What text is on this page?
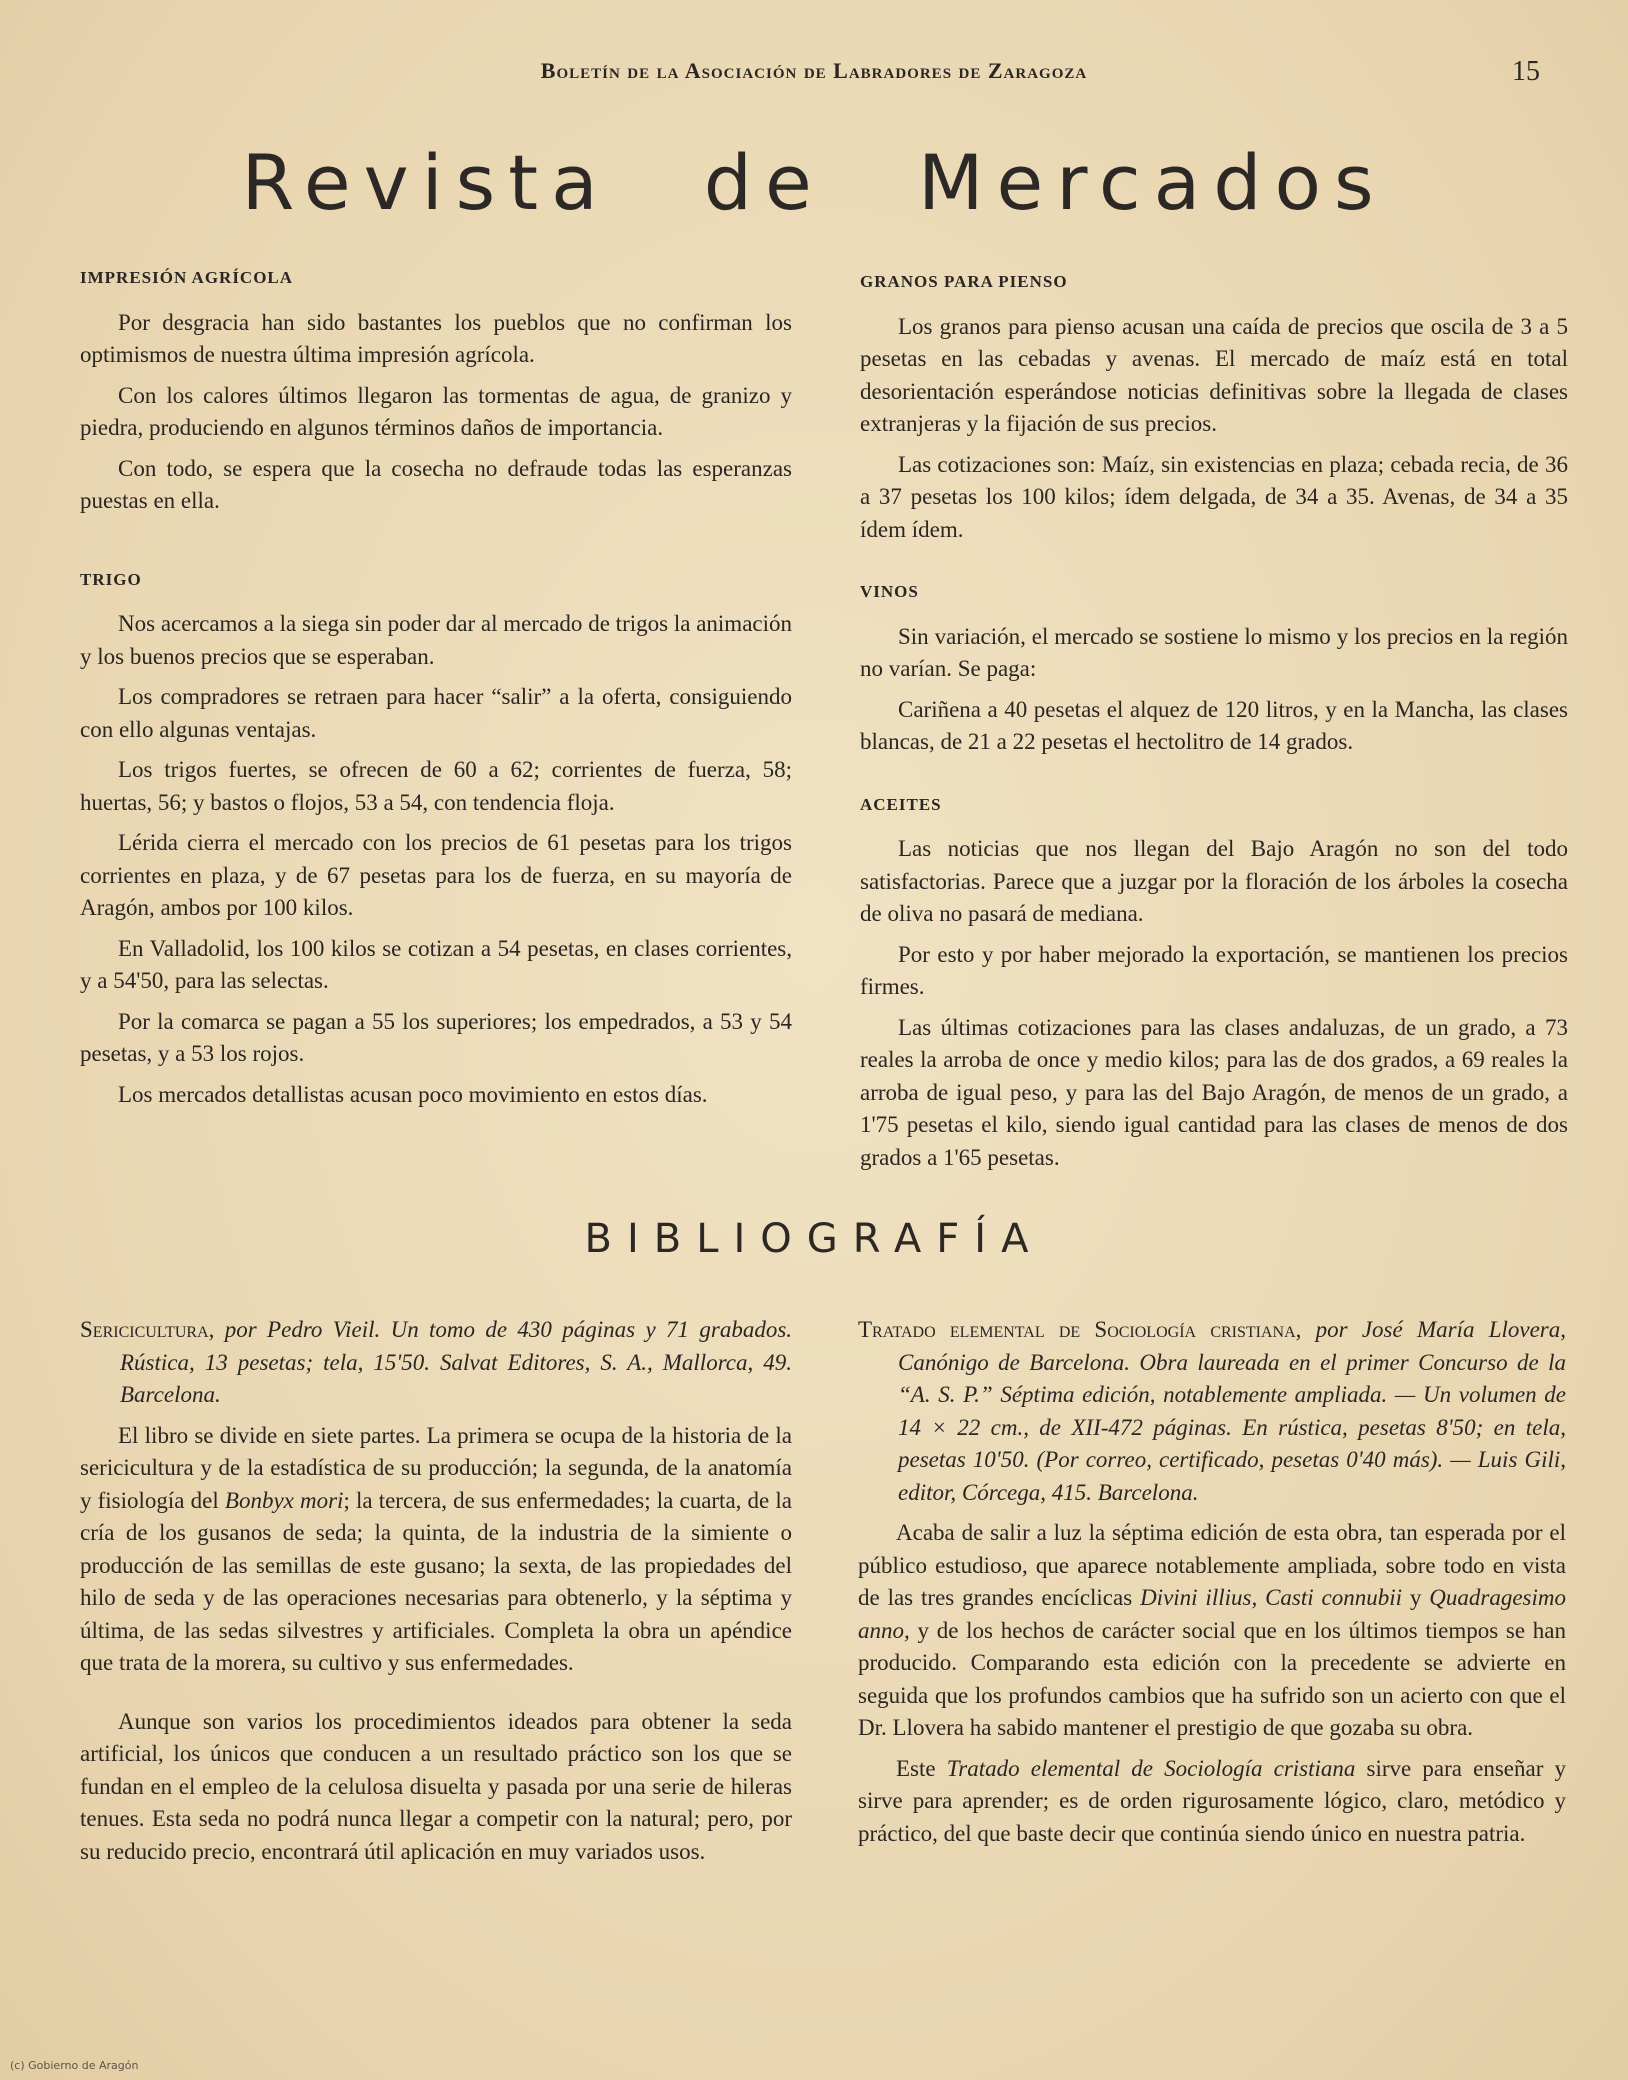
Boletín de la Asociación de Labradores de Zaragoza	15
Revista de Mercados
IMPRESIÓN AGRÍCOLA

Por desgracia han sido bastantes los pueblos que no confirman los optimismos de nuestra última impresión agrícola.

Con los calores últimos llegaron las tormentas de agua, de granizo y piedra, produciendo en algunos términos daños de importancia.

Con todo, se espera que la cosecha no defraude todas las esperanzas puestas en ella.

TRIGO

Nos acercamos a la siega sin poder dar al mercado de trigos la animación y los buenos precios que se esperaban.

Los compradores se retraen para hacer “salir” a la oferta, consiguiendo con ello algunas ventajas.

Los trigos fuertes, se ofrecen de 60 a 62; corrientes de fuerza, 58; huertas, 56; y bastos o flojos, 53 a 54, con tendencia floja.

Lérida cierra el mercado con los precios de 61 pesetas para los trigos corrientes en plaza, y de 67 pesetas para los de fuerza, en su mayoría de Aragón, ambos por 100 kilos.

En Valladolid, los 100 kilos se cotizan a 54 pesetas, en clases corrientes, y a 54'50, para las selectas.

Por la comarca se pagan a 55 los superiores; los empedrados, a 53 y 54 pesetas, y a 53 los rojos.

Los mercados detallistas acusan poco movimiento en estos días.

GRANOS PARA PIENSO

Los granos para pienso acusan una caída de precios que oscila de 3 a 5 pesetas en las cebadas y avenas. El mercado de maíz está en total desorientación esperándose noticias definitivas sobre la llegada de clases extranjeras y la fijación de sus precios.

Las cotizaciones son: Maíz, sin existencias en plaza; cebada recia, de 36 a 37 pesetas los 100 kilos; ídem delgada, de 34 a 35. Avenas, de 34 a 35 ídem ídem.

VINOS

Sin variación, el mercado se sostiene lo mismo y los precios en la región no varían. Se paga:

Cariñena a 40 pesetas el alquez de 120 litros, y en la Mancha, las clases blancas, de 21 a 22 pesetas el hectolitro de 14 grados.

ACEITES

Las noticias que nos llegan del Bajo Aragón no son del todo satisfactorias. Parece que a juzgar por la floración de los árboles la cosecha de oliva no pasará de mediana.

Por esto y por haber mejorado la exportación, se mantienen los precios firmes.

Las últimas cotizaciones para las clases andaluzas, de un grado, a 73 reales la arroba de once y medio kilos; para las de dos grados, a 69 reales la arroba de igual peso, y para las del Bajo Aragón, de menos de un grado, a 1'75 pesetas el kilo, siendo igual cantidad para las clases de menos de dos grados a 1'65 pesetas.

BIBLIOGRAFÍA

Sericicultura, por Pedro Vieil. Un tomo de 430 páginas y 71 grabados. Rústica, 13 pesetas; tela, 15'50. Salvat Editores, S. A., Mallorca, 49. Barcelona.

El libro se divide en siete partes. La primera se ocupa de la historia de la sericicultura y de la estadística de su producción; la segunda, de la anatomía y fisiología del Bonbyx mori; la tercera, de sus enfermedades; la cuarta, de la cría de los gusanos de seda; la quinta, de la industria de la simiente o producción de las semillas de este gusano; la sexta, de las propiedades del hilo de seda y de las operaciones necesarias para obtenerlo, y la séptima y última, de las sedas silvestres y artificiales. Completa la obra un apéndice que trata de la morera, su cultivo y sus enfermedades.

Aunque son varios los procedimientos ideados para obtener la seda artificial, los únicos que conducen a un resultado práctico son los que se fundan en el empleo de la celulosa disuelta y pasada por una serie de hileras tenues. Esta seda no podrá nunca llegar a competir con la natural; pero, por su reducido precio, encontrará útil aplicación en muy variados usos.

Tratado elemental de Sociología cristiana, por José María Llovera, Canónigo de Barcelona. Obra laureada en el primer Concurso de la “A. S. P.” Séptima edición, notablemente ampliada. — Un volumen de 14 × 22 cm., de XII-472 páginas. En rústica, pesetas 8'50; en tela, pesetas 10'50. (Por correo, certificado, pesetas 0'40 más). — Luis Gili, editor, Córcega, 415. Barcelona.

Acaba de salir a luz la séptima edición de esta obra, tan esperada por el público estudioso, que aparece notablemente ampliada, sobre todo en vista de las tres grandes encíclicas Divini illius, Casti connubii y Quadragesimo anno, y de los hechos de carácter social que en los últimos tiempos se han producido. Comparando esta edición con la precedente se advierte en seguida que los profundos cambios que ha sufrido son un acierto con que el Dr. Llovera ha sabido mantener el prestigio de que gozaba su obra.

Este Tratado elemental de Sociología cristiana sirve para enseñar y sirve para aprender; es de orden rigurosamente lógico, claro, metódico y práctico, del que baste decir que continúa siendo único en nuestra patria.

(c) Gobierno de Aragón
